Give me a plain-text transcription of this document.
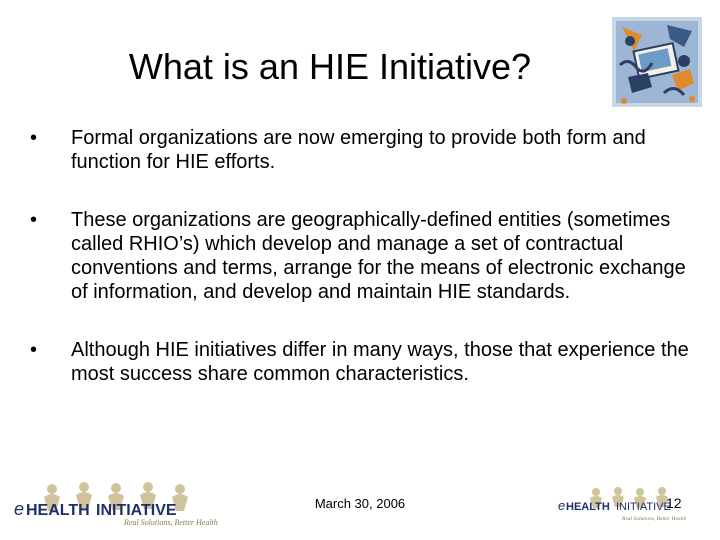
What is an HIE Initiative?
•	Formal organizations are now emerging to provide both form and function for HIE efforts.
•	These organizations are geographically-defined entities (sometimes called RHIO’s) which develop and manage a set of contractual conventions and terms, arrange for the means of electronic exchange of information, and develop and maintain HIE standards.
•	Although HIE initiatives differ in many ways, those that experience the most success share common characteristics.
e HEALTH INITIATIVE
Real Solutions, Better Health
March 30, 2006	e HEALTH INITIATIVE
Real Solutions, Better Health
12
